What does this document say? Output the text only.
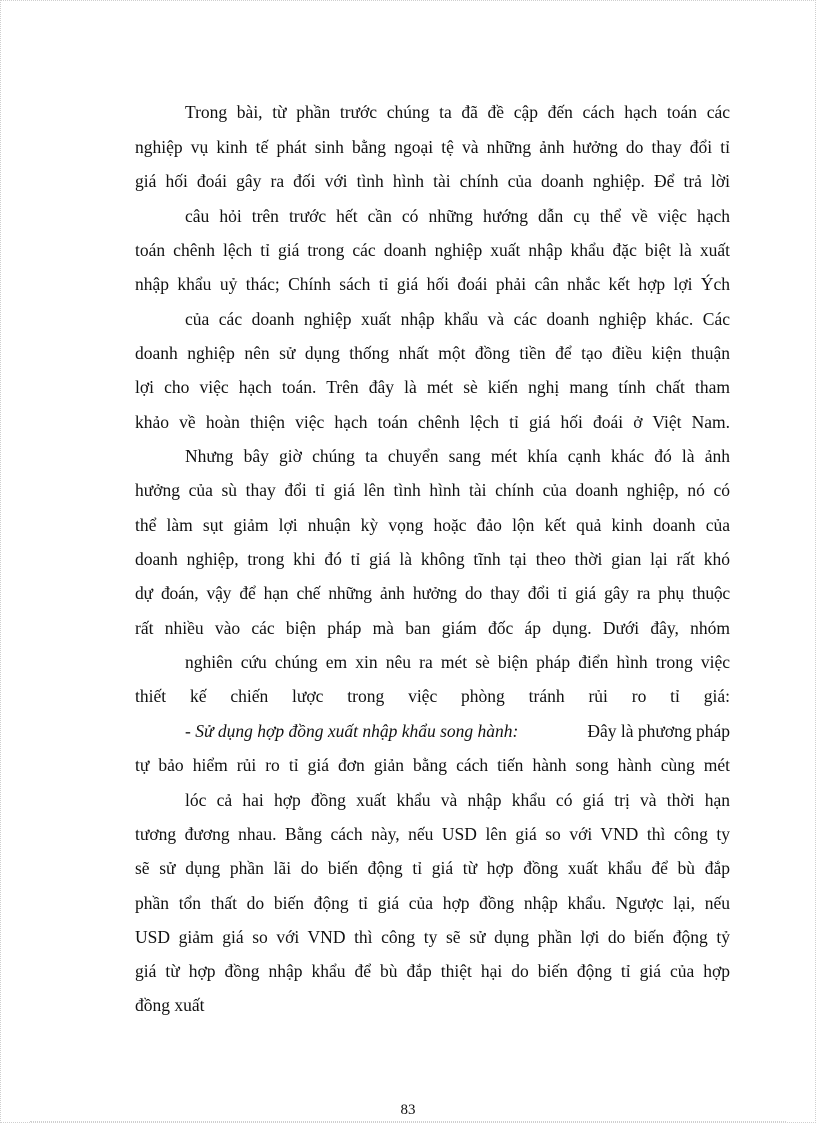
Trong bài, từ phần trước chúng ta đã đề cập đến cách hạch toán các
nghiệp vụ kinh tế phát sinh bằng ngoại tệ và những ảnh hưởng do thay đổi tỉ
giá hối đoái gây ra đối với tình hình tài chính của doanh nghiệp. Để trả lời
câu hỏi trên trước hết cần có những hướng dẫn cụ thể về việc hạch
toán chênh lệch tỉ giá trong các doanh nghiệp xuất nhập khẩu đặc biệt là xuất
nhập khẩu uỷ thác; Chính sách tỉ giá hối đoái phải cân nhắc kết hợp lợi Ých
của các doanh nghiệp xuất nhập khẩu và các doanh nghiệp khác. Các
doanh nghiệp nên sử dụng thống nhất một đồng tiền để tạo điều kiện thuận
lợi cho việc hạch toán. Trên đây là mét sè kiến nghị mang tính chất tham
khảo về hoàn thiện việc hạch toán chênh lệch tỉ giá hối đoái ở Việt Nam.
Nhưng bây giờ chúng ta chuyển sang mét khía cạnh khác đó là ảnh
hưởng của sù thay đổi tỉ giá lên tình hình tài chính của doanh nghiệp, nó có
thể làm sụt giảm lợi nhuận kỳ vọng hoặc đảo lộn kết quả kinh doanh của
doanh nghiệp, trong khi đó tỉ giá là không tĩnh tại theo thời gian lại rất khó
dự đoán, vậy để hạn chế những ảnh hưởng do thay đổi tỉ giá gây ra phụ thuộc
rất nhiều vào các biện pháp mà ban giám đốc áp dụng. Dưới đây, nhóm
nghiên cứu chúng em xin nêu ra mét sè biện pháp điển hình trong việc
thiết kế chiến lược trong việc phòng tránh rủi ro tỉ giá:
- Sử dụng hợp đồng xuất nhập khẩu song hành:	Đây là phương pháp
tự bảo hiểm rủi ro tỉ giá đơn giản bằng cách tiến hành song hành cùng mét
lóc cả hai hợp đồng xuất khẩu và nhập khẩu có giá trị và thời hạn
tương đương nhau. Bằng cách này, nếu USD lên giá so với VND thì công ty
sẽ sử dụng phần lãi do biến động tỉ giá từ hợp đồng xuất khẩu để bù đắp
phần tổn thất do biến động tỉ giá của hợp đồng nhập khẩu. Ngược lại, nếu
USD giảm giá so với VND thì công ty sẽ sử dụng phần lợi do biến động tỷ
giá từ hợp đồng nhập khẩu để bù đắp thiệt hại do biến động tỉ giá của hợp
đồng xuất
83
